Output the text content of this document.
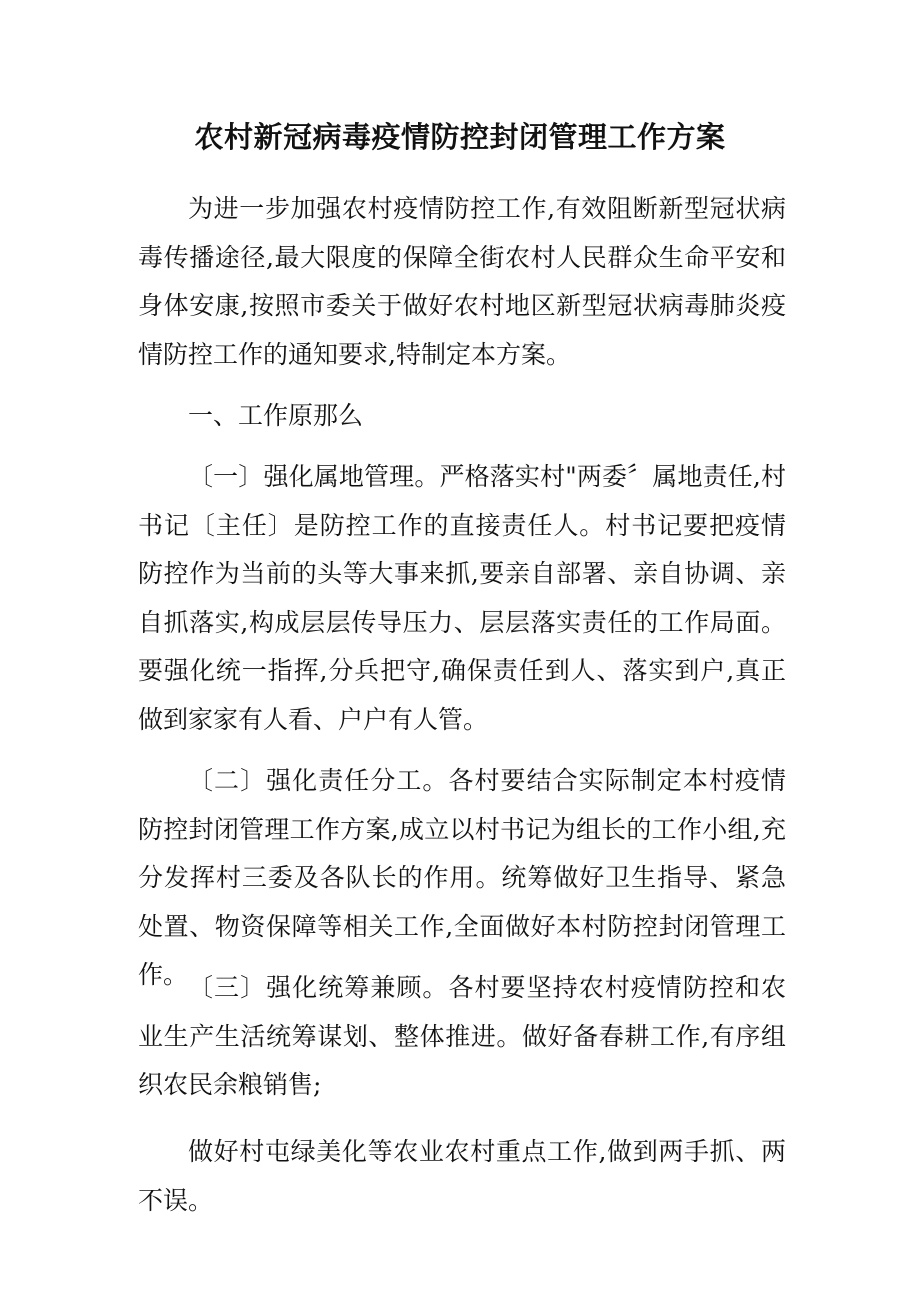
农村新冠病毒疫情防控封闭管理工作方案

为进一步加强农村疫情防控工作,有效阻断新型冠状病毒传播途径,最大限度的保障全街农村人民群众生命平安和身体安康,按照市委关于做好农村地区新型冠状病毒肺炎疫情防控工作的通知要求,特制定本方案。

一、工作原那么

〔一〕强化属地管理。严格落实村"两委〞属地责任,村书记〔主任〕是防控工作的直接责任人。村书记要把疫情防控作为当前的头等大事来抓,要亲自部署、亲自协调、亲自抓落实,构成层层传导压力、层层落实责任的工作局面。要强化统一指挥,分兵把守,确保责任到人、落实到户,真正做到家家有人看、户户有人管。

〔二〕强化责任分工。各村要结合实际制定本村疫情防控封闭管理工作方案,成立以村书记为组长的工作小组,充分发挥村三委及各队长的作用。统筹做好卫生指导、紧急处置、物资保障等相关工作,全面做好本村防控封闭管理工作。 〔三〕强化统筹兼顾。各村要坚持农村疫情防控和农业生产生活统筹谋划、整体推进。做好备春耕工作,有序组织农民余粮销售;

做好村屯绿美化等农业农村重点工作,做到两手抓、两不误。
